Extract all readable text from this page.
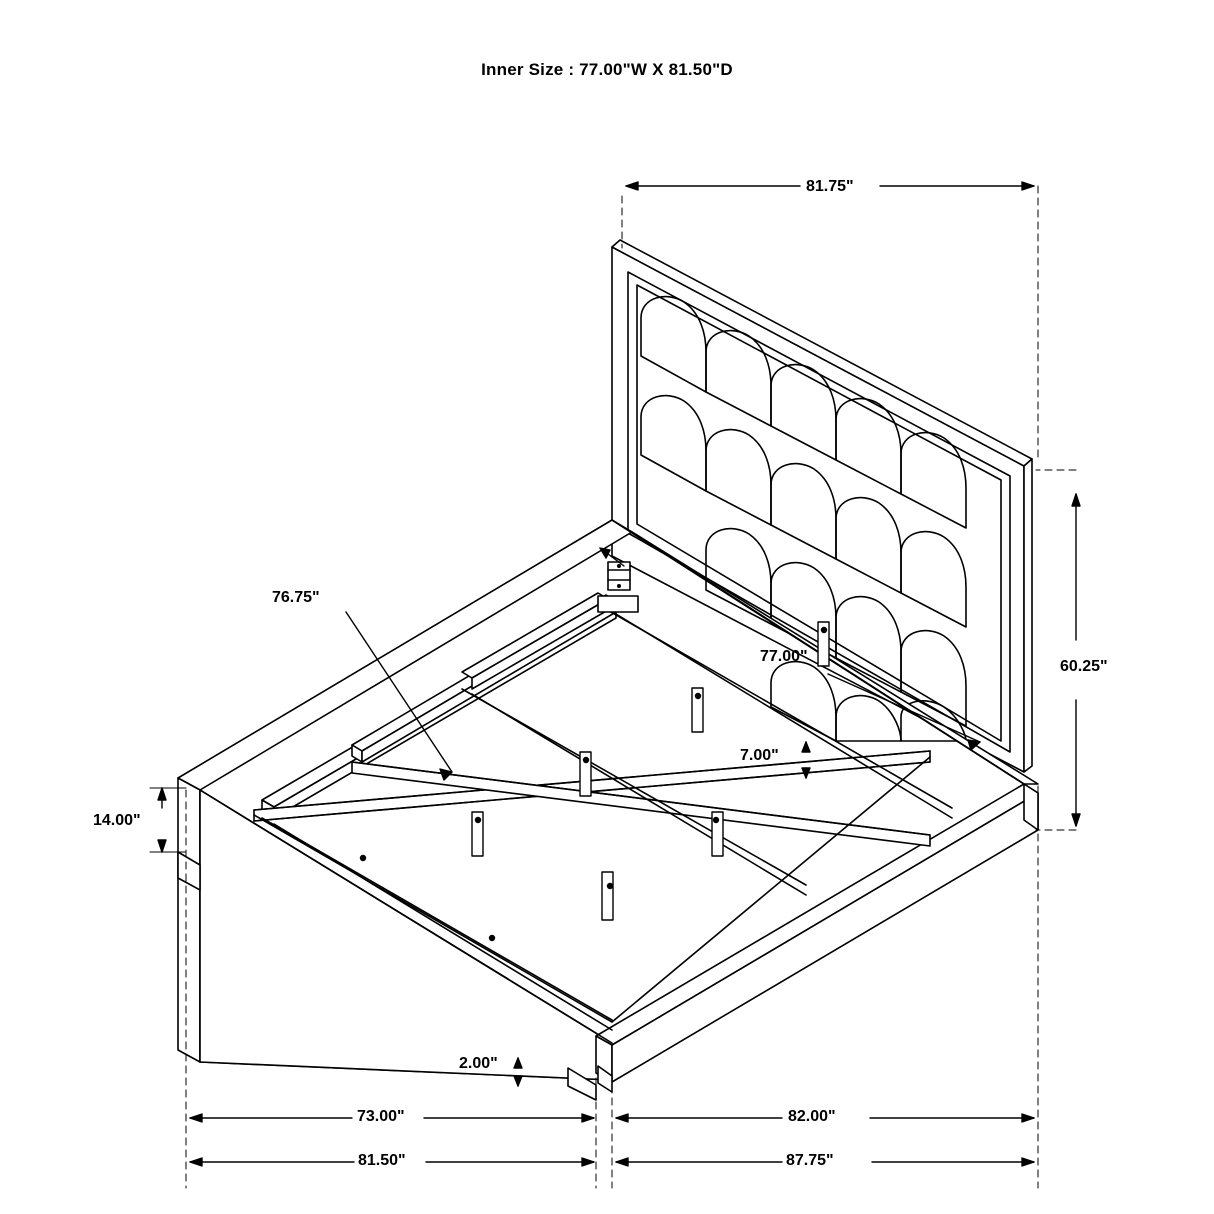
Inner Size : 77.00"W X 81.50"D
81.75"
60.25"
76.75"
77.00"
7.00"
14.00"
2.00"
73.00"	82.00"
81.50"	87.75"
